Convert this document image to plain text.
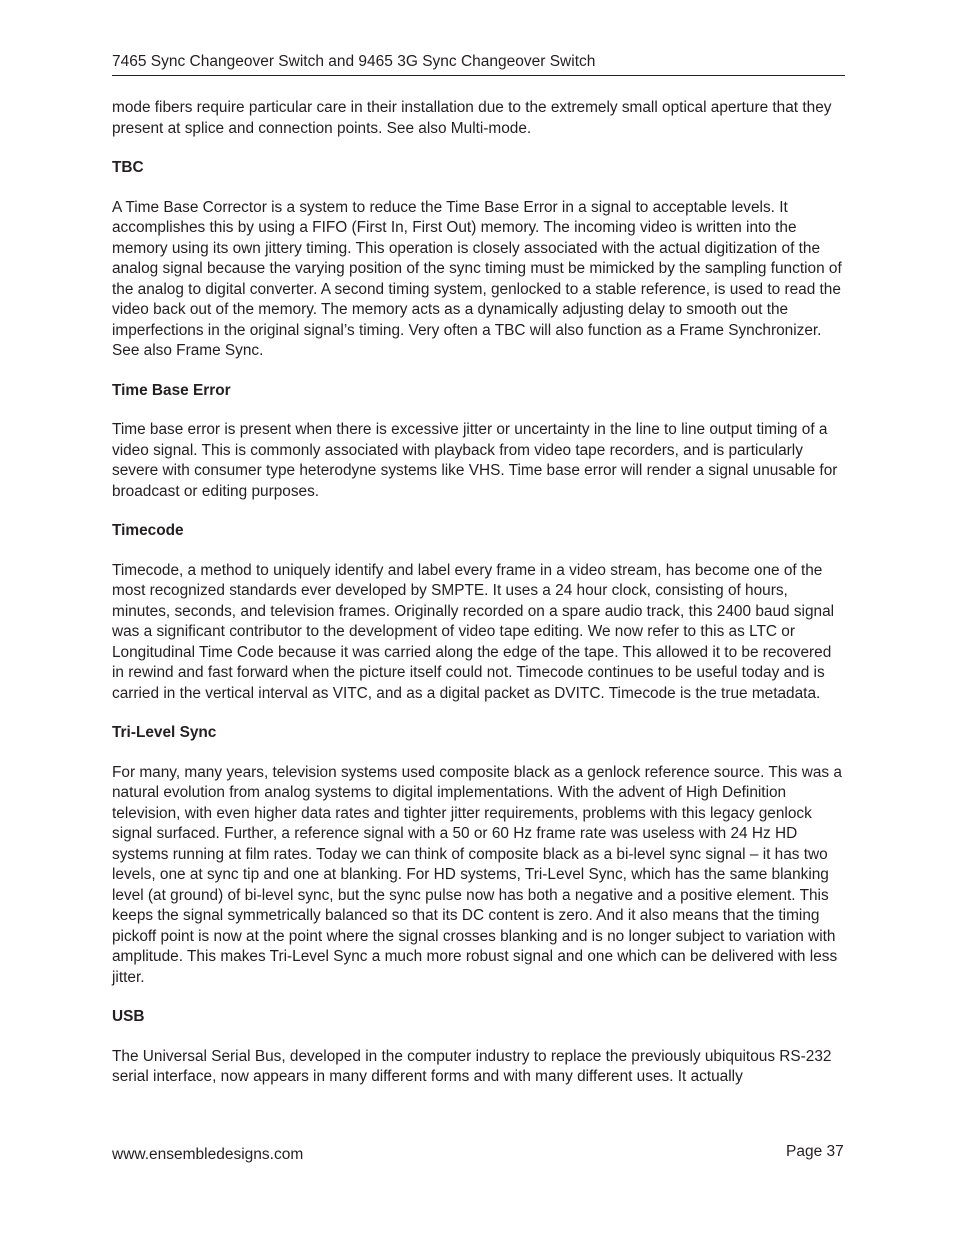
7465 Sync Changeover Switch and 9465 3G Sync Changeover Switch

mode fibers require particular care in their installation due to the extremely small optical aperture that they present at splice and connection points. See also Multi-mode.

TBC

A Time Base Corrector is a system to reduce the Time Base Error in a signal to acceptable levels. It accomplishes this by using a FIFO (First In, First Out) memory. The incoming video is written into the memory using its own jittery timing. This operation is closely associated with the actual digitization of the analog signal because the varying position of the sync timing must be mimicked by the sampling function of the analog to digital converter. A second timing system, genlocked to a stable reference, is used to read the video back out of the memory. The memory acts as a dynamically adjusting delay to smooth out the imperfections in the original signal’s timing. Very often a TBC will also function as a Frame Synchronizer. See also Frame Sync.

Time Base Error

Time base error is present when there is excessive jitter or uncertainty in the line to line output timing of a video signal. This is commonly associated with playback from video tape recorders, and is particularly severe with consumer type heterodyne systems like VHS. Time base error will render a signal unusable for broadcast or editing purposes.

Timecode

Timecode, a method to uniquely identify and label every frame in a video stream, has become one of the most recognized standards ever developed by SMPTE. It uses a 24 hour clock, consisting of hours, minutes, seconds, and television frames. Originally recorded on a spare audio track, this 2400 baud signal was a significant contributor to the development of video tape editing. We now refer to this as LTC or Longitudinal Time Code because it was carried along the edge of the tape. This allowed it to be recovered in rewind and fast forward when the picture itself could not. Timecode continues to be useful today and is carried in the vertical interval as VITC, and as a digital packet as DVITC. Timecode is the true metadata.

Tri-Level Sync

For many, many years, television systems used composite black as a genlock reference source. This was a natural evolution from analog systems to digital implementations. With the advent of High Definition television, with even higher data rates and tighter jitter requirements, problems with this legacy genlock signal surfaced. Further, a reference signal with a 50 or 60 Hz frame rate was useless with 24 Hz HD systems running at film rates. Today we can think of composite black as a bi-level sync signal – it has two levels, one at sync tip and one at blanking. For HD systems, Tri-Level Sync, which has the same blanking level (at ground) of bi-level sync, but the sync pulse now has both a negative and a positive element. This keeps the signal symmetrically balanced so that its DC content is zero. And it also means that the timing pickoff point is now at the point where the signal crosses blanking and is no longer subject to variation with amplitude. This makes Tri-Level Sync a much more robust signal and one which can be delivered with less jitter.

USB

The Universal Serial Bus, developed in the computer industry to replace the previously ubiquitous RS-232 serial interface, now appears in many different forms and with many different uses. It actually

www.ensembledesigns.com	Page 37
